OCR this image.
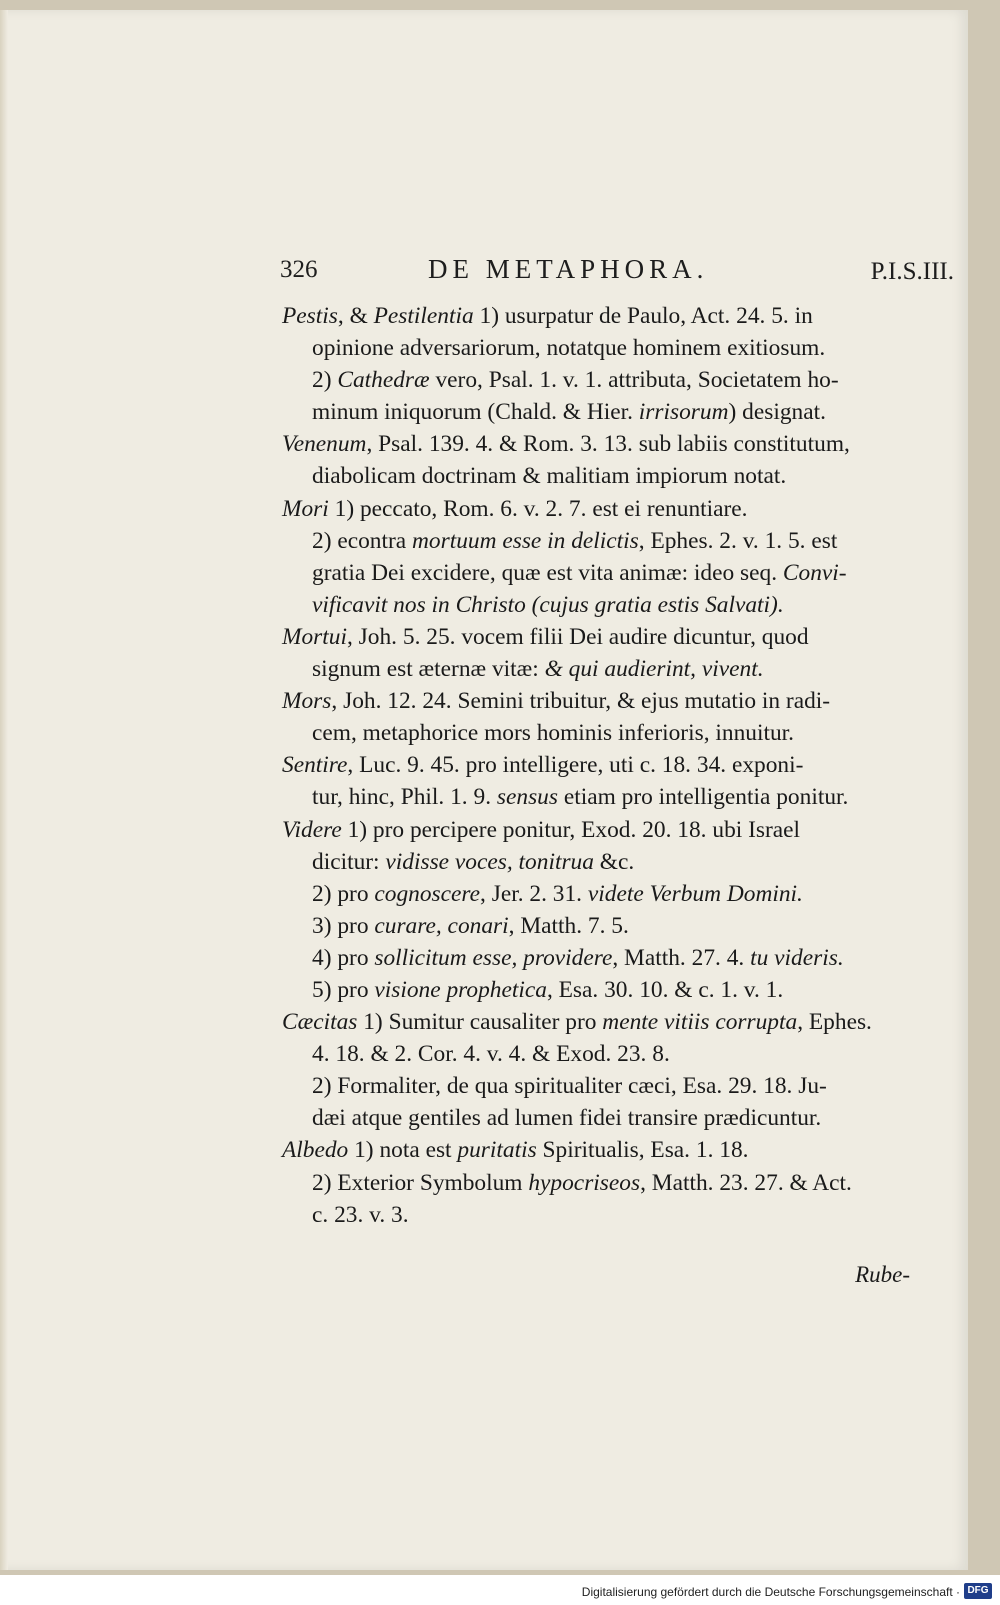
326	DE METAPHORA.	P.I.S.III.
Pestis, & Pestilentia 1) usurpatur de Paulo, Act. 24. 5. in
opinione adversariorum, notatque hominem exitiosum.
2) Cathedræ vero, Psal. 1. v. 1. attributa, Societatem ho-
minum iniquorum (Chald. & Hier. irrisorum) designat.
Venenum, Psal. 139. 4. & Rom. 3. 13. sub labiis constitutum,
diabolicam doctrinam & malitiam impiorum notat.
Mori 1) peccato, Rom. 6. v. 2. 7. est ei renuntiare.
2) econtra mortuum esse in delictis, Ephes. 2. v. 1. 5. est
gratia Dei excidere, quæ est vita animæ: ideo seq. Convi-
vificavit nos in Christo (cujus gratia estis Salvati).
Mortui, Joh. 5. 25. vocem filii Dei audire dicuntur, quod
signum est æternæ vitæ: & qui audierint, vivent.
Mors, Joh. 12. 24. Semini tribuitur, & ejus mutatio in radi-
cem, metaphorice mors hominis inferioris, innuitur.
Sentire, Luc. 9. 45. pro intelligere, uti c. 18. 34. exponi-
tur, hinc, Phil. 1. 9. sensus etiam pro intelligentia ponitur.
Videre 1) pro percipere ponitur, Exod. 20. 18. ubi Israel
dicitur: vidisse voces, tonitrua &c.
2) pro cognoscere, Jer. 2. 31. videte Verbum Domini.
3) pro curare, conari, Matth. 7. 5.
4) pro sollicitum esse, providere, Matth. 27. 4. tu videris.
5) pro visione prophetica, Esa. 30. 10. & c. 1. v. 1.
Cæcitas 1) Sumitur causaliter pro mente vitiis corrupta, Ephes.
4. 18. & 2. Cor. 4. v. 4. & Exod. 23. 8.
2) Formaliter, de qua spiritualiter cæci, Esa. 29. 18. Ju-
dæi atque gentiles ad lumen fidei transire prædicuntur.
Albedo 1) nota est puritatis Spiritualis, Esa. 1. 18.
2) Exterior Symbolum hypocriseos, Matth. 23. 27. & Act.
c. 23. v. 3.
Rube-
Digitalisierung gefördert durch die Deutsche Forschungsgemeinschaft · DFG
